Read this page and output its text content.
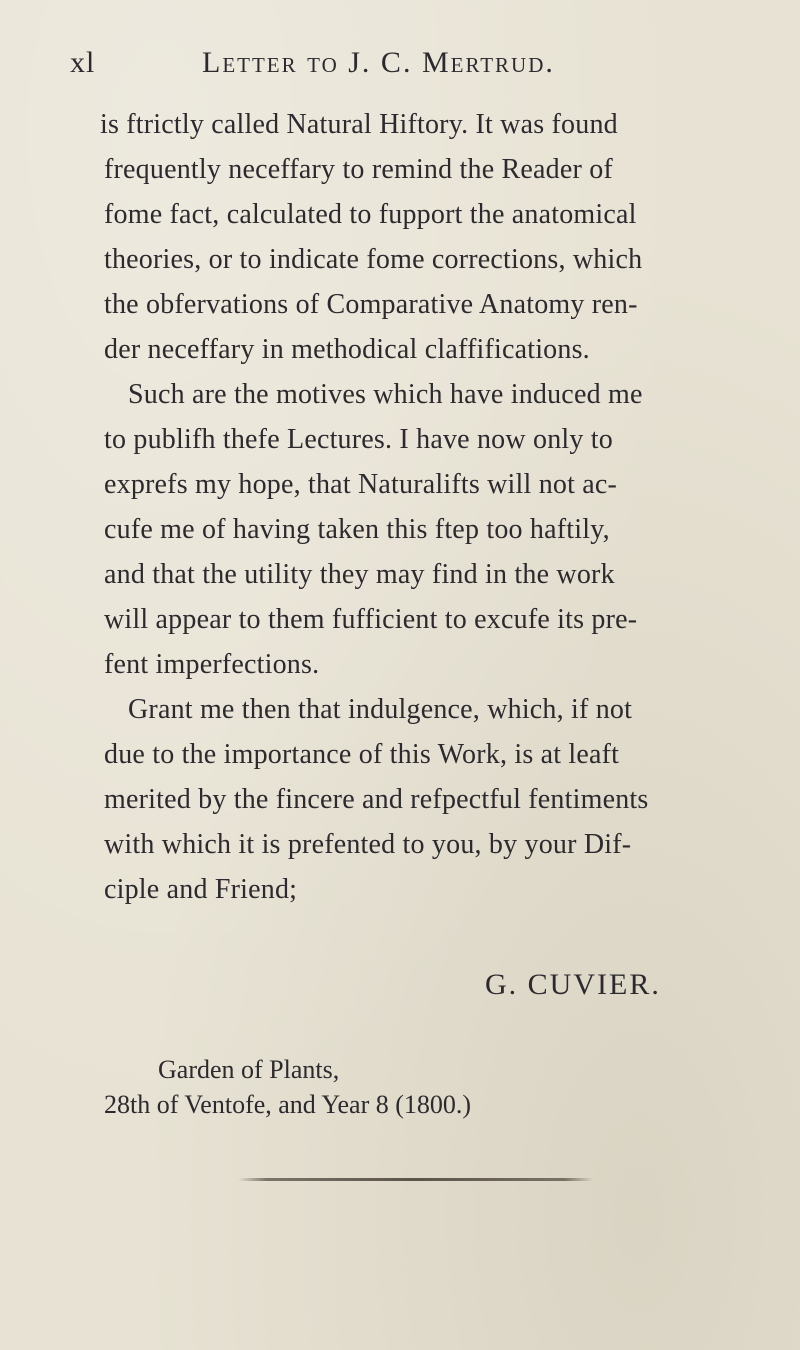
xl	Letter to J. C. Mertrud.
is ftrictly called Natural Hiftory. It was found
frequently neceffary to remind the Reader of
fome fact, calculated to fupport the anatomical
theories, or to indicate fome corrections, which
the obfervations of Comparative Anatomy ren-
der neceffary in methodical claffifications.
Such are the motives which have induced me
to publifh thefe Lectures. I have now only to
exprefs my hope, that Naturalifts will not ac-
cufe me of having taken this ftep too haftily,
and that the utility they may find in the work
will appear to them fufficient to excufe its pre-
fent imperfections.
Grant me then that indulgence, which, if not
due to the importance of this Work, is at leaft
merited by the fincere and refpectful fentiments
with which it is prefented to you, by your Dif-
ciple and Friend;
G. CUVIER.
Garden of Plants,
28th of Ventofe, and Year 8 (1800.)
